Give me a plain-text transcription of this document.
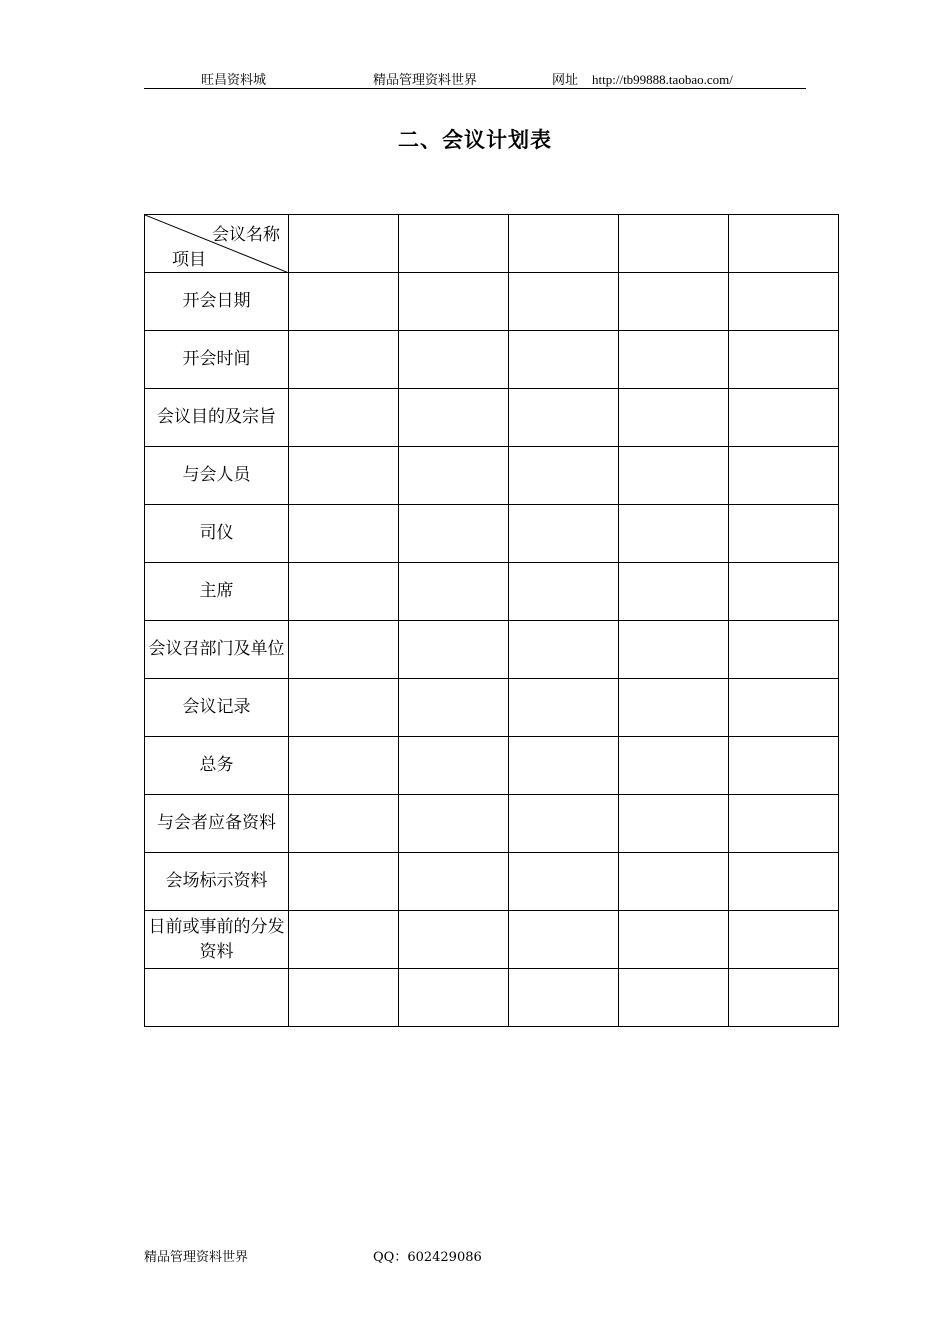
旺昌资料城	精品管理资料世界	网址 http://tb99888.taobao.com/
二、会议计划表
会议名称
项目					

开会日期					
开会时间					
会议目的及宗旨					
与会人员					
司仪					
主席					
会议召部门及单位					
会议记录					
总务					
与会者应备资料					
会场标示资料					
日前或事前的分发资料					

精品管理资料世界	QQ：602429086
